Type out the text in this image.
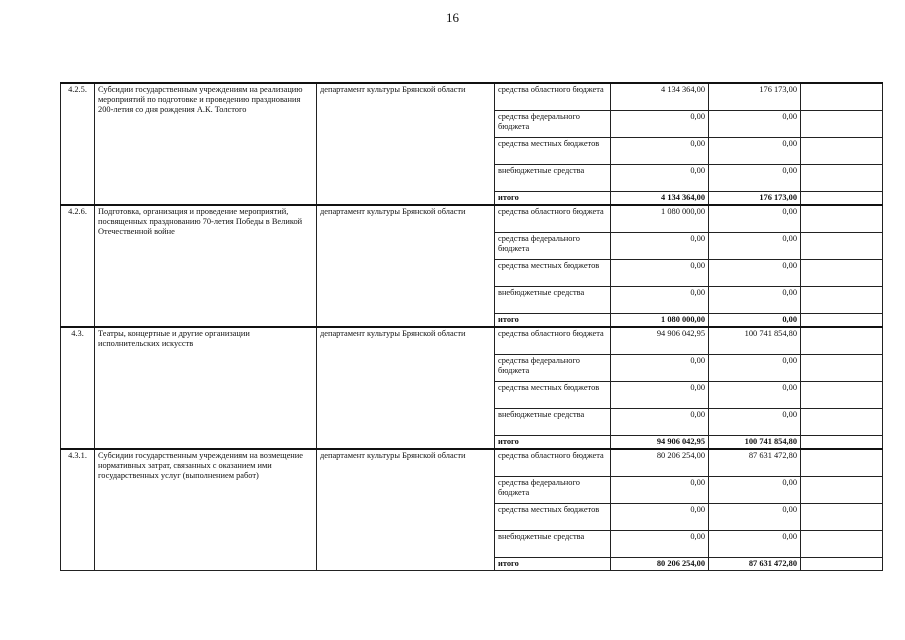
16
4.2.5.	Субсидии государственным учреждениям на реализацию мероприятий по подготовке и проведению празднования 200-летия со дня рождения А.К. Толстого	департамент культуры Брянской области	средства областного бюджета	4 134 364,00	176 173,00	
			средства федерального бюджета	0,00	0,00	
			средства местных бюджетов	0,00	0,00	
			внебюджетные средства	0,00	0,00	
			итого	4 134 364,00	176 173,00	
4.2.6.	Подготовка, организация и проведение мероприятий, посвященных празднованию 70-летия Победы в Великой Отечественной войне	департамент культуры Брянской области	средства областного бюджета	1 080 000,00	0,00	
			средства федерального бюджета	0,00	0,00	
			средства местных бюджетов	0,00	0,00	
			внебюджетные средства	0,00	0,00	
			итого	1 080 000,00	0,00	
4.3.	Театры, концертные и другие организации исполнительских искусств	департамент культуры Брянской области	средства областного бюджета	94 906 042,95	100 741 854,80	
			средства федерального бюджета	0,00	0,00	
			средства местных бюджетов	0,00	0,00	
			внебюджетные средства	0,00	0,00	
			итого	94 906 042,95	100 741 854,80	
4.3.1.	Субсидии государственным учреждениям на возмещение нормативных затрат, связанных с оказанием ими государственных услуг (выполнением работ)	департамент культуры Брянской области	средства областного бюджета	80 206 254,00	87 631 472,80	
			средства федерального бюджета	0,00	0,00	
			средства местных бюджетов	0,00	0,00	
			внебюджетные средства	0,00	0,00	
			итого	80 206 254,00	87 631 472,80	
